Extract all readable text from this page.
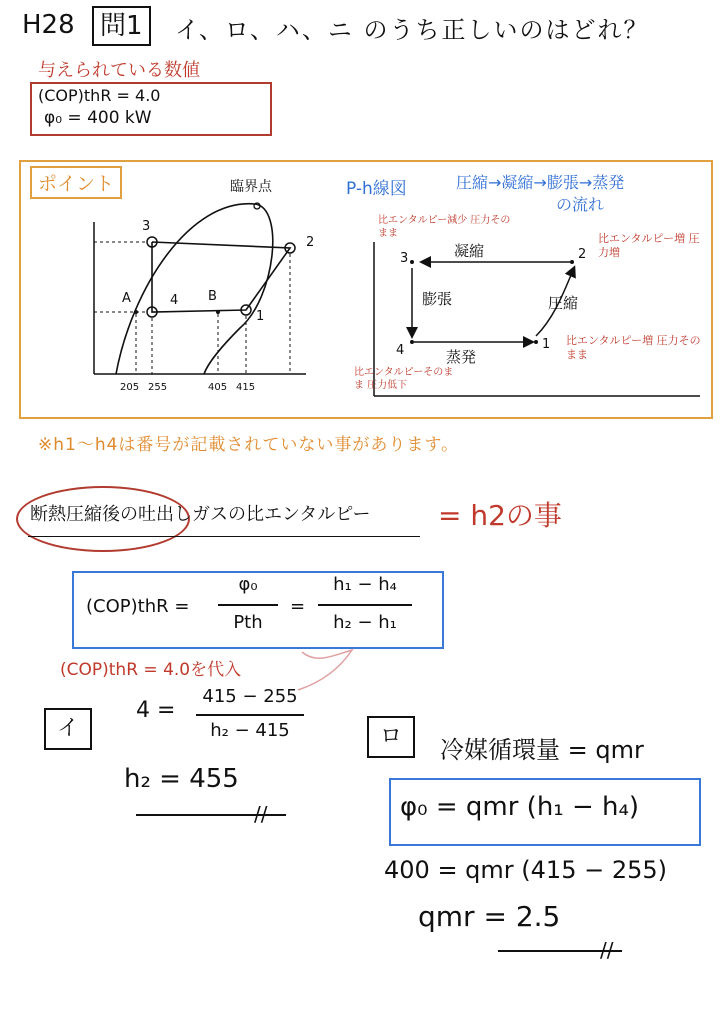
H28 問1	イ、ロ、ハ、ニ のうち正しいのはどれ？
与えられている数値
(COP)thR = 4.0
φ₀ = 400 kW
ポイント
3
2
4
1
A	B
205 255	405 415
臨界点	P-h線図	圧縮→凝縮→膨張→蒸発
の流れ
3	2
4	1
凝縮
膨張	圧縮
蒸発
比エンタルピー減少 圧力そのまま	比エンタルピー増 圧力増
比エンタルピー増 圧力そのまま
比エンタルピーそのまま 圧力低下
※h1〜h4は番号が記載されていない事があります。
断熱圧縮後の吐出しガスの比エンタルピー = h2の事
(COP)thR =
φ₀
Pth
=
h₁ − h₄
h₂ − h₁
(COP)thR = 4.0を代入
イ
4 =
415 − 255
h₂ − 415
h₂ = 455
//
ロ	冷媒循環量 = qmr
φ₀ = qmr (h₁ − h₄)
400 = qmr (415 − 255)
qmr = 2.5
//
